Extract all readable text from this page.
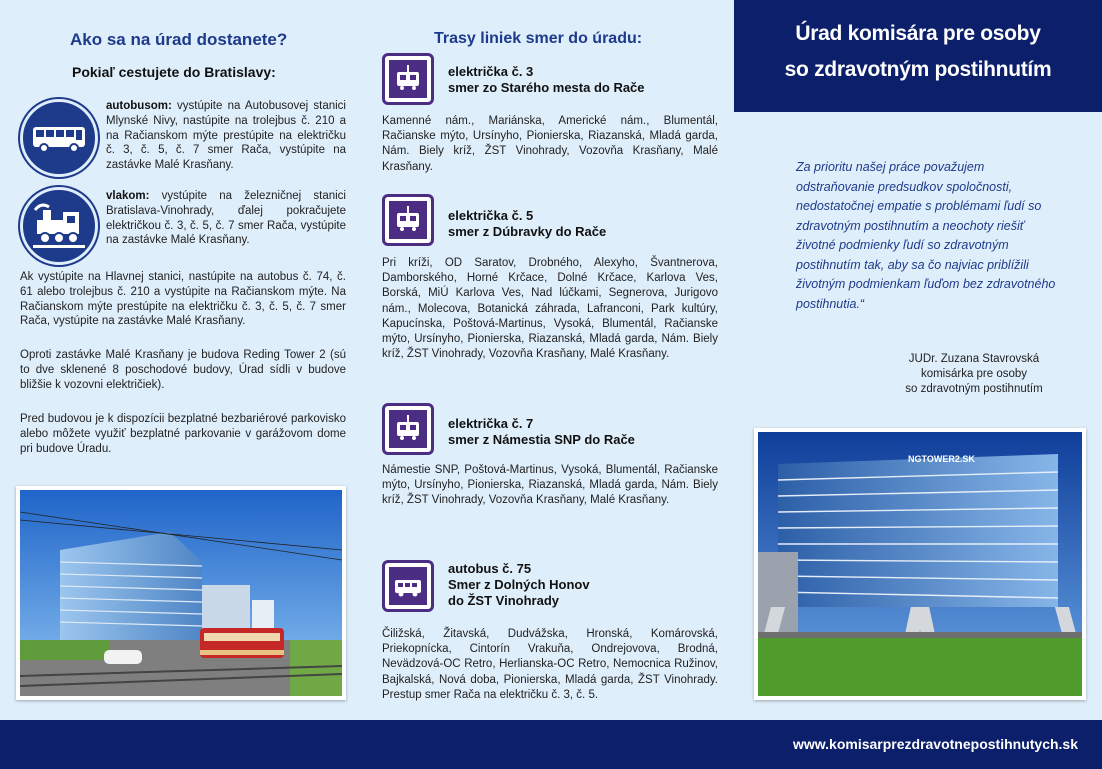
Ako sa na úrad dostanete?

Pokiaľ cestujete do Bratislavy:

autobusom: vystúpite na Autobusovej stanici Mlynské Nivy, nastúpite na trolejbus č. 210 a na Račianskom mýte prestúpite na električku č. 3, č. 5, č. 7 smer Rača, vystúpite na zastávke Malé Krasňany.

vlakom: vystúpite na železničnej stanici Bratislava-Vinohrady, ďalej pokračujete električkou č. 3, č. 5, č. 7 smer Rača, vystúpite na zastávke Malé Krasňany.

Ak vystúpite na Hlavnej stanici, nastúpite na autobus č. 74, č. 61 alebo trolejbus č. 210 a vystúpite na Račianskom mýte. Na Račianskom mýte prestúpite na električku č. 3, č. 5, č. 7 smer Rača, vystúpite na zastávke Malé Krasňany.

Oproti zastávke Malé Krasňany je budova Reding Tower 2 (sú to dve sklenené 8 poschodové budovy, Úrad sídli v budove bližšie k vozovni električiek).

Pred budovou je k dispozícii bezplatné bezbariérové parkovisko alebo môžete využiť bezplatné parkovanie v garážovom dome pri budove Úradu.

Trasy liniek smer do úradu:
električka č. 3
smer zo Starého mesta do Rače

Kamenné nám., Mariánska, Americké nám., Blumentál, Račianske mýto, Ursínyho, Pionierska, Riazanská, Mladá garda, Nám. Biely kríž, ŽST Vinohrady, Vozovňa Krasňany, Malé Krasňany.

električka č. 5
smer z Dúbravky do Rače

Pri kríži, OD Saratov, Drobného, Alexyho, Švantnerova, Damborského, Horné Krčace, Dolné Krčace, Karlova Ves, Borská, MiÚ Karlova Ves, Nad lúčkami, Segnerova, Jurigovo nám., Molecova, Botanická záhrada, Lafranconi, Park kultúry, Kapucínska, Poštová-Martinus, Vysoká, Blumentál, Račianske mýto, Ursínyho, Pionierska, Riazanská, Mladá garda, Nám. Biely kríž, ŽST Vinohrady, Vozovňa Krasňany, Malé Krasňany.

električka č. 7
smer z Námestia SNP do Rače

Námestie SNP, Poštová-Martinus, Vysoká, Blumentál, Račianske mýto, Ursínyho, Pionierska, Riazanská, Mladá garda, Nám. Biely kríž, ŽST Vinohrady, Vozovňa Krasňany, Malé Krasňany.

autobus č. 75
Smer z Dolných Honov
do ŽST Vinohrady

Čiližská, Žitavská, Dudvážska, Hronská, Komárovská, Priekopnícka, Cintorín Vrakuňa, Ondrejovova, Brodná, Nevädzová-OC Retro, Herlianska-OC Retro, Nemocnica Ružinov, Bajkalská, Nová doba, Pionierska, Mladá garda, ŽST Vinohrady. Prestup smer Rača na električku č. 3, č. 5.

Úrad komisára pre osoby
so zdravotným postihnutím

Za prioritu našej práce považujem odstraňovanie predsudkov spoločnosti, nedostatočnej empatie s problémami ľudí so zdravotným postihnutím a neochoty riešiť životné podmienky ľudí so zdravotným postihnutím tak, aby sa čo najviac priblížili životným podmienkam ľuďom bez zdravotného postihnutia.“

JUDr. Zuzana Stavrovská
komisárka pre osoby
so zdravotným postihnutím
NGTOWER2.SK
www.komisarprezdravotnepostihnutych.sk
